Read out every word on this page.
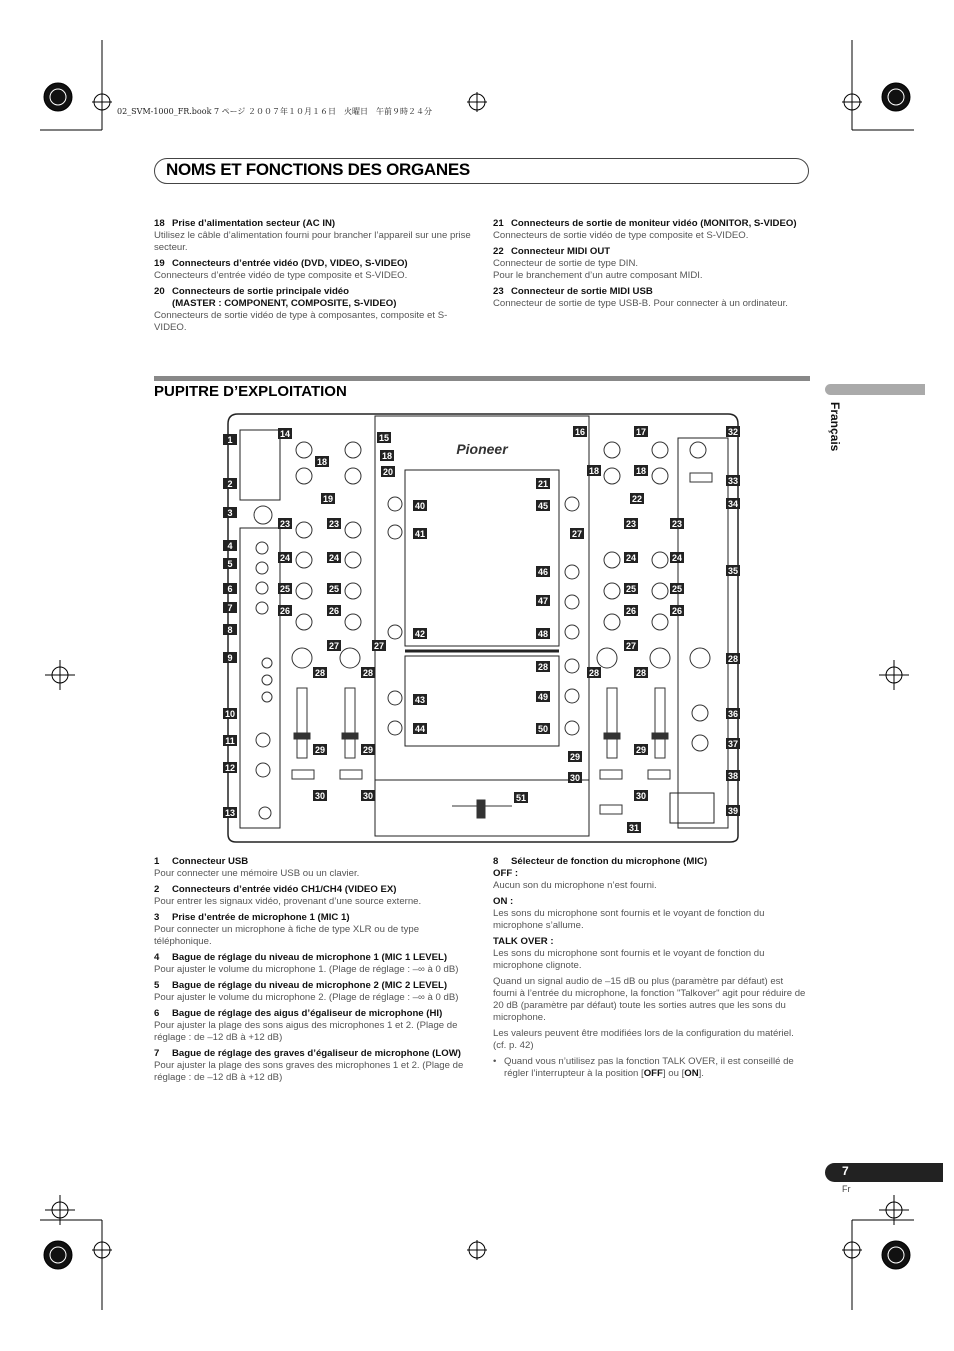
02_SVM-1000_FR.book 7 ページ ２００７年１０月１６日　火曜日　午前９時２４分
NOMS ET FONCTIONS DES ORGANES
18 Prise d’alimentation secteur (AC IN)
Utilisez le câble d’alimentation fourni pour brancher l’appareil sur une prise secteur.
19 Connecteurs d’entrée vidéo (DVD, VIDEO, S-VIDEO)
Connecteurs d’entrée vidéo de type composite et S-VIDEO.
20 Connecteurs de sortie principale vidéo
(MASTER : COMPONENT, COMPOSITE, S-VIDEO)
Connecteurs de sortie vidéo de type à composantes, composite et S-VIDEO.
21 Connecteurs de sortie de moniteur vidéo (MONITOR, S-VIDEO)
Connecteurs de sortie vidéo de type composite et S-VIDEO.
22 Connecteur MIDI OUT
Connecteur de sortie de type DIN.
Pour le branchement d’un autre composant MIDI.
23 Connecteur de sortie MIDI USB
Connecteur de sortie de type USB-B. Pour connecter à un ordinateur.
PUPITRE D’EXPLOITATION
Français
Pioneer
1
2
3
4
5
6
7
8
9
10
11
12
13
14
18
19
15
18
20
23	23
24	24
25	25
26	26
27	27
28	28
29	29
30	30
40
41
42
43
44
51
45
21
27
46
47
48
28
49
50
29
30
31
16
18
22
23
24
25
26
27
28
29
30
17
18
23
24
25
26
28
32
33
34
35
28
36
37
38
39
1 Connecteur USB
Pour connecter une mémoire USB ou un clavier.
2 Connecteurs d’entrée vidéo CH1/CH4 (VIDEO EX)
Pour entrer les signaux vidéo, provenant d’une source externe.
3 Prise d’entrée de microphone 1 (MIC 1)
Pour connecter un microphone à fiche de type XLR ou de type téléphonique.
4 Bague de réglage du niveau de microphone 1 (MIC 1 LEVEL)
Pour ajuster le volume du microphone 1. (Plage de réglage : –∞ à 0 dB)
5 Bague de réglage du niveau de microphone 2 (MIC 2 LEVEL)
Pour ajuster le volume du microphone 2. (Plage de réglage : –∞ à 0 dB)
6 Bague de réglage des aigus d’égaliseur de microphone (HI)
Pour ajuster la plage des sons aigus des microphones 1 et 2. (Plage de réglage : de –12 dB à +12 dB)
7	Bague de réglage des graves d’égaliseur de microphone (LOW)
Pour ajuster la plage des sons graves des microphones 1 et 2. (Plage de réglage : de –12 dB à +12 dB)
8 Sélecteur de fonction du microphone (MIC)
OFF :
Aucun son du microphone n’est fourni.
ON :
Les sons du microphone sont fournis et le voyant de fonction du microphone s’allume.
TALK OVER :
Les sons du microphone sont fournis et le voyant de fonction du microphone clignote.
Quand un signal audio de –15 dB ou plus (paramètre par défaut) est fourni à l’entrée du microphone, la fonction "Talkover" agit pour réduire de 20 dB (paramètre par défaut) toute les sorties autres que les sons du microphone.
Les valeurs peuvent être modifiées lors de la configuration du matériel. (cf. p. 42)
• Quand vous n’utilisez pas la fonction TALK OVER, il est conseillé de régler l’interrupteur à la position [OFF] ou [ON].
7
Fr
